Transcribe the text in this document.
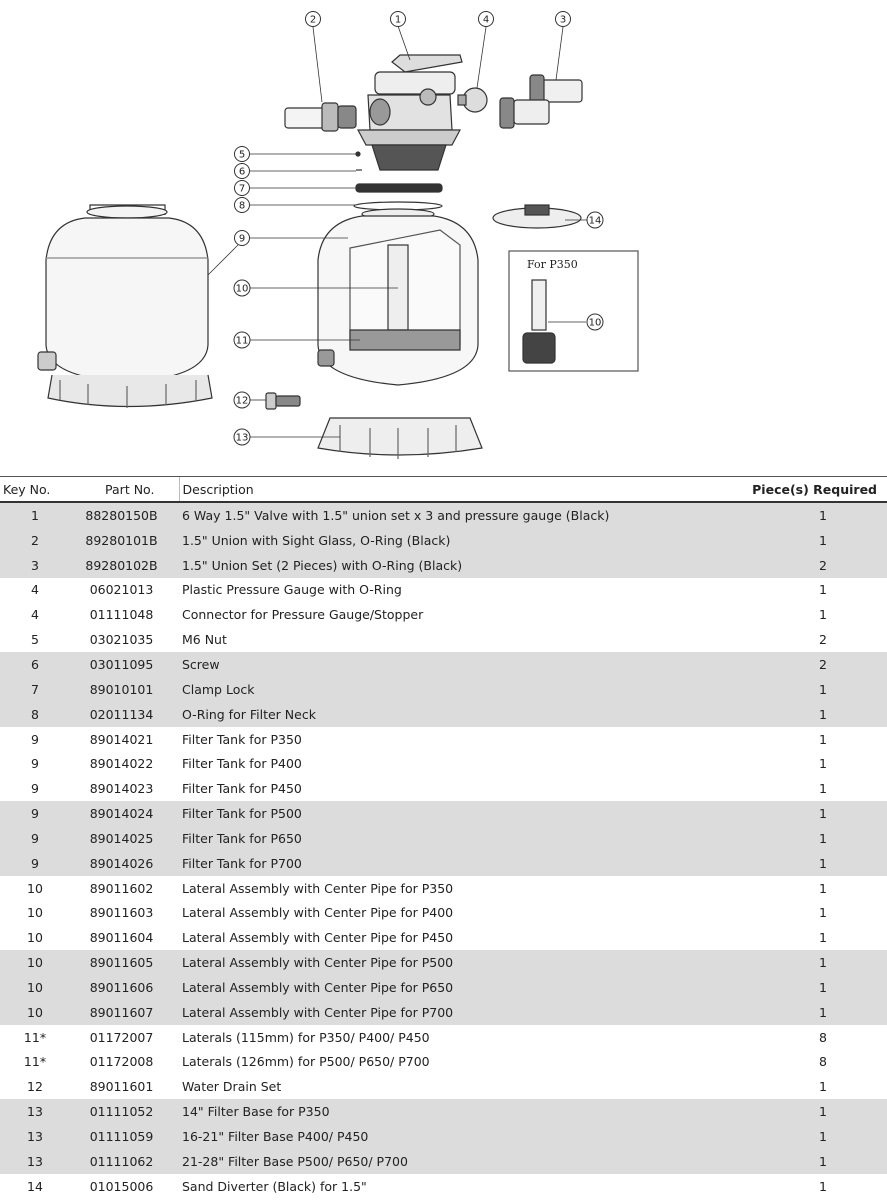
1
2	3
4
5
6
7
8
9
10
11
12
13
14
10
For P350
Key No.	Part No.	Description	Piece(s) Required
1	88280150B	6 Way 1.5" Valve with 1.5" union set x 3 and pressure gauge (Black)	1
2	89280101B	1.5" Union with Sight Glass, O-Ring (Black)	1
3	89280102B	1.5" Union Set (2 Pieces) with O-Ring (Black)	2
4	06021013	Plastic Pressure Gauge with O-Ring	1
4	01111048	Connector for Pressure Gauge/Stopper	1
5	03021035	M6 Nut	2
6	03011095	Screw	2
7	89010101	Clamp Lock	1
8	02011134	O-Ring for Filter Neck	1
9	89014021	Filter Tank for P350	1
9	89014022	Filter Tank for P400	1
9	89014023	Filter Tank for P450	1
9	89014024	Filter Tank for P500	1
9	89014025	Filter Tank for P650	1
9	89014026	Filter Tank for P700	1
10	89011602	Lateral Assembly with Center Pipe for P350	1
10	89011603	Lateral Assembly with Center Pipe for P400	1
10	89011604	Lateral Assembly with Center Pipe for P450	1
10	89011605	Lateral Assembly with Center Pipe for P500	1
10	89011606	Lateral Assembly with Center Pipe for P650	1
10	89011607	Lateral Assembly with Center Pipe for P700	1
11*	01172007	Laterals (115mm) for P350/ P400/ P450	8
11*	01172008	Laterals (126mm) for P500/ P650/ P700	8
12	89011601	Water Drain Set	1
13	01111052	14" Filter Base for P350	1
13	01111059	16-21" Filter Base P400/ P450	1
13	01111062	21-28" Filter Base P500/ P650/ P700	1
14	01015006	Sand Diverter (Black) for 1.5"	1
